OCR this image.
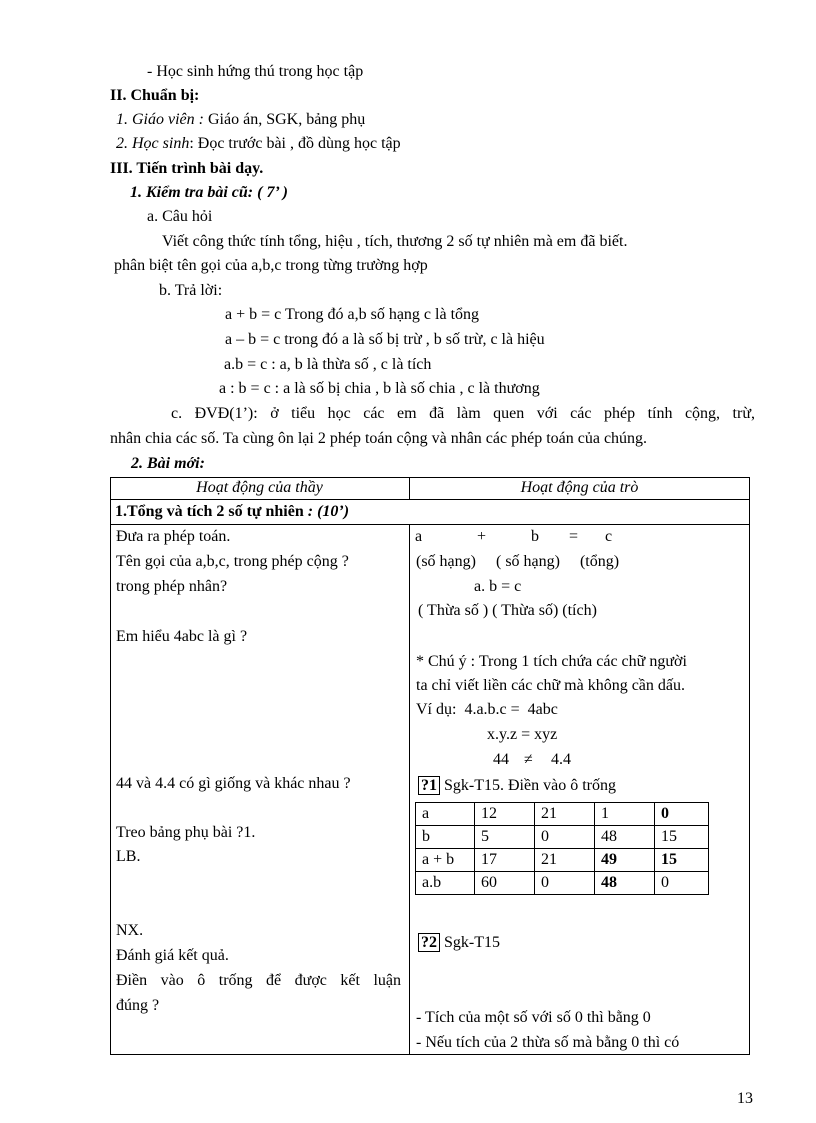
- Học sinh hứng thú trong học tập
II. Chuẩn bị:
1. Giáo viên : Giáo án, SGK, bảng phụ
2. Học sinh: Đọc trước bài , đồ dùng học tập
III. Tiến trình bài dạy.
1. Kiểm tra bài cũ: ( 7’ )
a. Câu hỏi
Viết công thức tính tổng, hiệu , tích, thương 2 số tự nhiên mà em đã biết.
phân biệt tên gọi của a,b,c trong từng trường hợp
b. Trả lời:
a + b = c Trong đó a,b số hạng c là tổng
a – b = c trong đó a là số bị trừ , b số trừ, c là hiệu
a.b = c : a, b là thừa số , c là tích
a : b = c : a là số bị chia , b là số chia , c là thương
c. ĐVĐ(1’): ở tiểu học các em đã làm quen với các phép tính cộng, trừ,
nhân chia các số. Ta cùng ôn lại 2 phép toán cộng và nhân các phép toán của chúng.
2. Bài mới:
Hoạt động của thầy	Hoạt động của trò
1.Tổng và tích 2 số tự nhiên : (10’)
Đưa ra phép toán.
Tên gọi của a,b,c, trong phép cộng ?
trong phép nhân?
Em hiểu 4abc là gì ?
44 và 4.4 có gì giống và khác nhau ?
Treo bảng phụ bài ?1.
LB.
NX.
Đánh giá kết quả.
Điền vào ô trống để được kết luận
đúng ?
a	+	b = c
(số hạng)     ( số hạng)     (tổng)
a. b = c
( Thừa số ) ( Thừa số) (tích)
* Chú ý : Trong 1 tích chứa các chữ người
ta chỉ viết liền các chữ mà không cần dấu.
Ví dụ:  4.a.b.c =  4abc
x.y.z = xyz
44 ≠ 4.4
?1 Sgk-T15. Điền vào ô trống
a	12	21	1	0
b	5	0	48	15
a + b	17	21	49	15
a.b	60	0	48	0
?2 Sgk-T15
- Tích của một số với số 0 thì bằng 0
- Nếu tích của 2 thừa số mà bằng 0 thì có
13
